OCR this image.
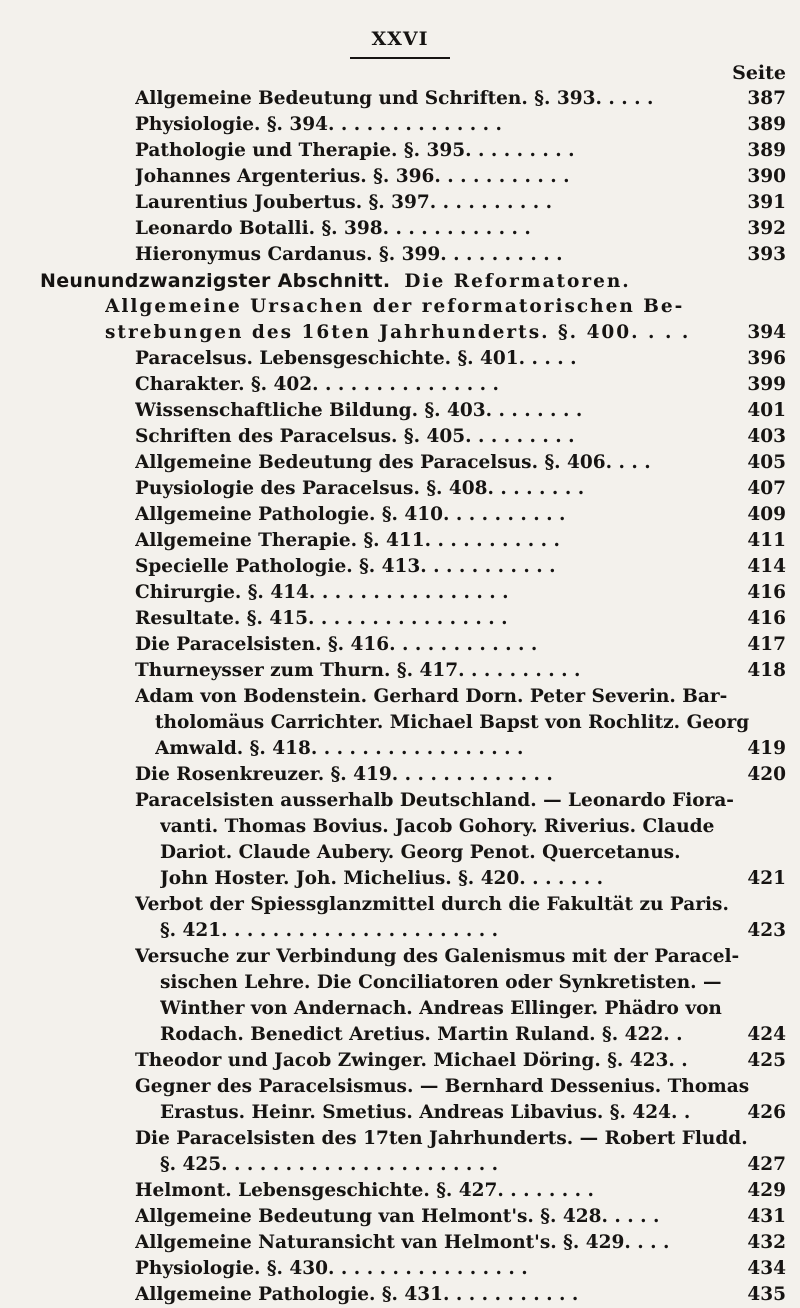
XXVI
Seite
Allgemeine Bedeutung und Schriften. §. 393. . . . .	387
Physiologie. §. 394. . . . . . . . . . . . . .	389
Pathologie und Therapie. §. 395. . . . . . . . .	389
Johannes Argenterius. §. 396. . . . . . . . . . .	390
Laurentius Joubertus. §. 397. . . . . . . . . .	391
Leonardo Botalli. §. 398. . . . . . . . . . . .	392
Hieronymus Cardanus. §. 399. . . . . . . . . .	393
Neunundzwanzigster Abschnitt. Die Reformatoren.
Allgemeine Ursachen der reformatorischen Be-
strebungen des 16ten Jahrhunderts. §. 400. . . .	394
Paracelsus. Lebensgeschichte. §. 401. . . . .	396
Charakter. §. 402. . . . . . . . . . . . . . .	399
Wissenschaftliche Bildung. §. 403. . . . . . . .	401
Schriften des Paracelsus. §. 405. . . . . . . . .	403
Allgemeine Bedeutung des Paracelsus. §. 406. . . .	405
Puysiologie des Paracelsus. §. 408. . . . . . . .	407
Allgemeine Pathologie. §. 410. . . . . . . . . .	409
Allgemeine Therapie. §. 411. . . . . . . . . . .	411
Specielle Pathologie. §. 413. . . . . . . . . . .	414
Chirurgie. §. 414. . . . . . . . . . . . . . . .	416
Resultate. §. 415. . . . . . . . . . . . . . . .	416
Die Paracelsisten. §. 416. . . . . . . . . . . .	417
Thurneysser zum Thurn. §. 417. . . . . . . . . .	418
Adam von Bodenstein. Gerhard Dorn. Peter Severin. Bar-
tholomäus Carrichter. Michael Bapst von Rochlitz. Georg
Amwald. §. 418. . . . . . . . . . . . . . . . .	419
Die Rosenkreuzer. §. 419. . . . . . . . . . . . .	420
Paracelsisten ausserhalb Deutschland. — Leonardo Fiora-
vanti. Thomas Bovius. Jacob Gohory. Riverius. Claude
Dariot. Claude Aubery. Georg Penot. Quercetanus.
John Hoster. Joh. Michelius. §. 420. . . . . . .	421
Verbot der Spiessglanzmittel durch die Fakultät zu Paris.
§. 421. . . . . . . . . . . . . . . . . . . . . .	423
Versuche zur Verbindung des Galenismus mit der Paracel-
sischen Lehre. Die Conciliatoren oder Synkretisten. —
Winther von Andernach. Andreas Ellinger. Phädro von
Rodach. Benedict Aretius. Martin Ruland. §. 422. .	424
Theodor und Jacob Zwinger. Michael Döring. §. 423. .	425
Gegner des Paracelsismus. — Bernhard Dessenius. Thomas
Erastus. Heinr. Smetius. Andreas Libavius. §. 424. .	426
Die Paracelsisten des 17ten Jahrhunderts. — Robert Fludd.
§. 425. . . . . . . . . . . . . . . . . . . . . .	427
Helmont. Lebensgeschichte. §. 427. . . . . . . .	429
Allgemeine Bedeutung van Helmont's. §. 428. . . . .	431
Allgemeine Naturansicht van Helmont's. §. 429. . . .	432
Physiologie. §. 430. . . . . . . . . . . . . . . .	434
Allgemeine Pathologie. §. 431. . . . . . . . . . .	435
